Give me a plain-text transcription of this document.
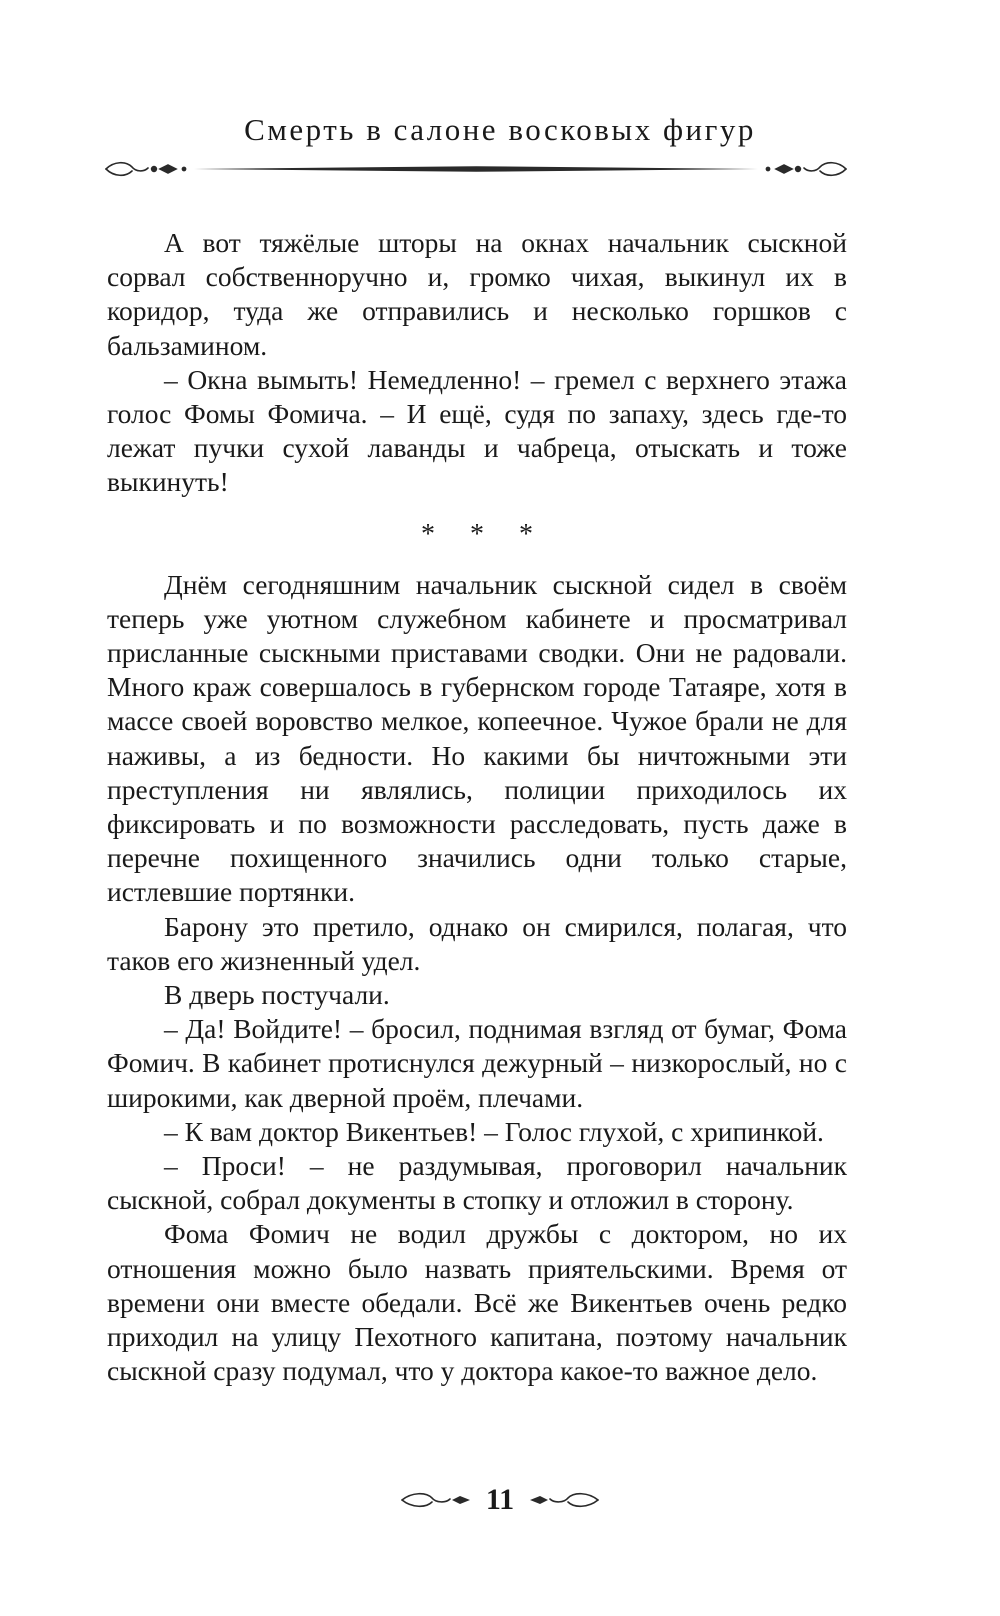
Смерть в салоне восковых фигур

А вот тяжёлые шторы на окнах начальник сыскной сорвал собственноручно и, громко чихая, выкинул их в коридор, туда же отправились и несколько горшков с бальзамином.

– Окна вымыть! Немедленно! – гремел с верхнего этажа голос Фомы Фомича. – И ещё, судя по запаху, здесь где-то лежат пучки сухой лаванды и чабреца, отыскать и тоже выкинуть!

* * *

Днём сегодняшним начальник сыскной сидел в своём теперь уже уютном служебном кабинете и просматривал присланные сыскными приставами сводки. Они не радовали. Много краж совершалось в губернском городе Татаяре, хотя в массе своей воровство мелкое, копеечное. Чужое брали не для наживы, а из бедности. Но какими бы ничтожными эти преступления ни являлись, полиции приходилось их фиксировать и по возможности расследовать, пусть даже в перечне похищенного значились одни только старые, истлевшие портянки.

Барону это претило, однако он смирился, полагая, что таков его жизненный удел.

В дверь постучали.

– Да! Войдите! – бросил, поднимая взгляд от бумаг, Фома Фомич. В кабинет протиснулся дежурный – низкорослый, но с широкими, как дверной проём, плечами.

– К вам доктор Викентьев! – Голос глухой, с хрипинкой.

– Проси! – не раздумывая, проговорил начальник сыскной, собрал документы в стопку и отложил в сторону.

Фома Фомич не водил дружбы с доктором, но их отношения можно было назвать приятельскими. Время от времени они вместе обедали. Всё же Викентьев очень редко приходил на улицу Пехотного капитана, поэтому начальник сыскной сразу подумал, что у доктора какое-то важное дело.

11
